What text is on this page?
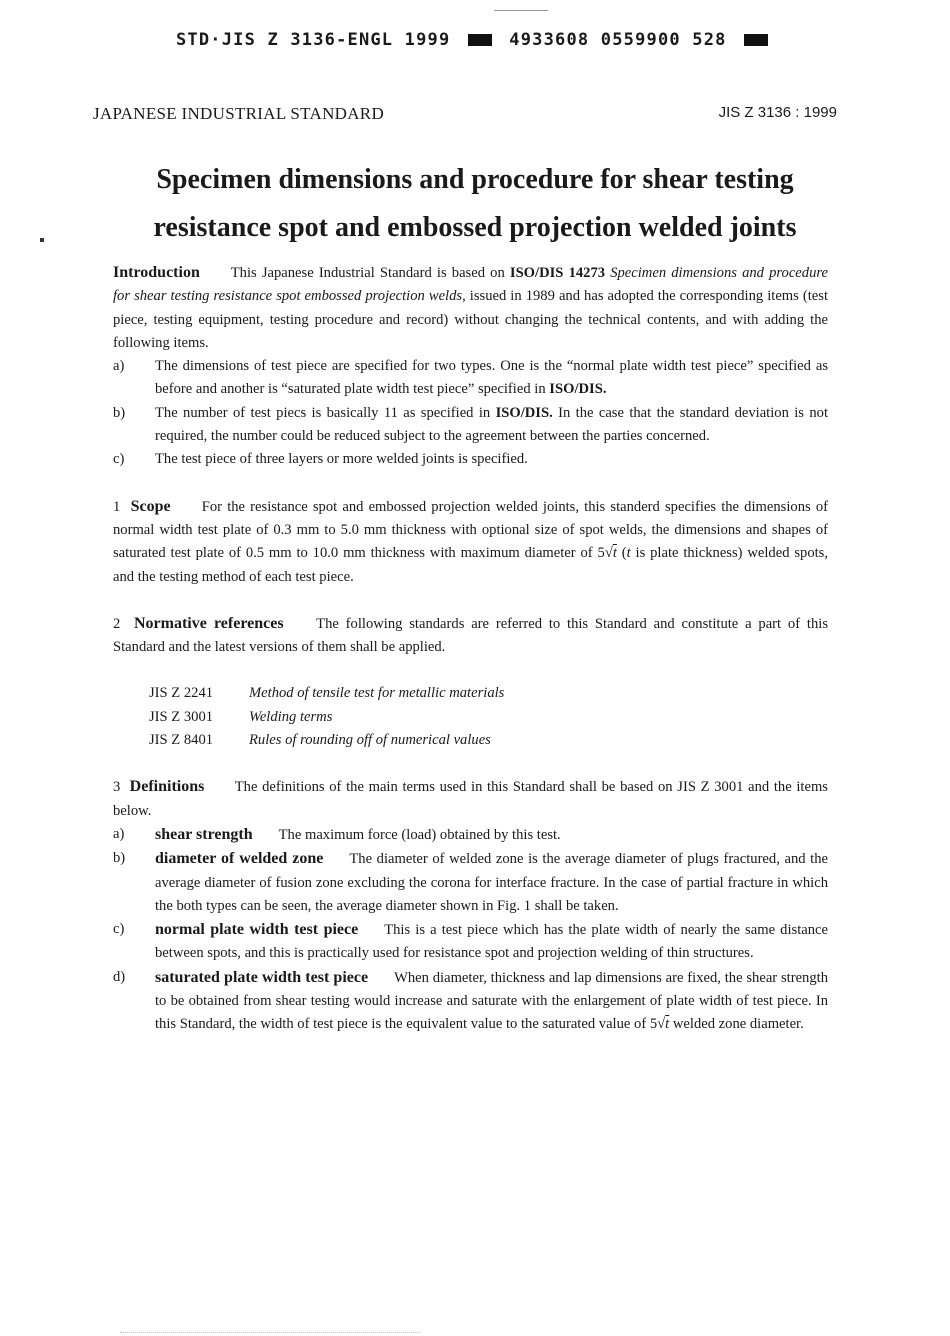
STD·JIS Z 3136-ENGL 1999	4933608 0559900 528
JAPANESE INDUSTRIAL STANDARD	JIS Z 3136 : 1999
Specimen dimensions and procedure for shear testing
resistance spot and embossed projection welded joints

Introduction This Japanese Industrial Standard is based on ISO/DIS 14273 Specimen dimensions and procedure for shear testing resistance spot embossed projection welds, issued in 1989 and has adopted the corresponding items (test piece, testing equipment, testing procedure and record) without changing the technical contents, and with adding the following items.

a)	The dimensions of test piece are specified for two types. One is the “normal plate width test piece” specified as before and another is “saturated plate width test piece” specified in ISO/DIS.
b)	The number of test piecs is basically 11 as specified in ISO/DIS. In the case that the standard deviation is not required, the number could be reduced subject to the agreement between the parties concerned.
c)	The test piece of three layers or more welded joints is specified.

1 Scope For the resistance spot and embossed projection welded joints, this standerd specifies the dimensions of normal width test plate of 0.3 mm to 5.0 mm thickness with optional size of spot welds, the dimensions and shapes of saturated test plate of 0.5 mm to 10.0 mm thickness with maximum diameter of 5√t (t is plate thickness) welded spots, and the testing method of each test piece.

2 Normative references The following standards are referred to this Standard and constitute a part of this Standard and the latest versions of them shall be applied.

JIS Z 2241 Method of tensile test for metallic materials
JIS Z 3001 Welding terms
JIS Z 8401 Rules of rounding off of numerical values

3 Definitions The definitions of the main terms used in this Standard shall be based on JIS Z 3001 and the items below.

a)	shear strength The maximum force (load) obtained by this test.
b)	diameter of welded zone The diameter of welded zone is the average diameter of plugs fractured, and the average diameter of fusion zone excluding the corona for interface fracture. In the case of partial fracture in which the both types can be seen, the average diameter shown in Fig. 1 shall be taken.
c)	normal plate width test piece This is a test piece which has the plate width of nearly the same distance between spots, and this is practically used for resistance spot and projection welding of thin structures.
d)	saturated plate width test piece When diameter, thickness and lap dimensions are fixed, the shear strength to be obtained from shear testing would increase and saturate with the enlargement of plate width of test piece. In this Standard, the width of test piece is the equivalent value to the saturated value of 5√t welded zone diameter.
